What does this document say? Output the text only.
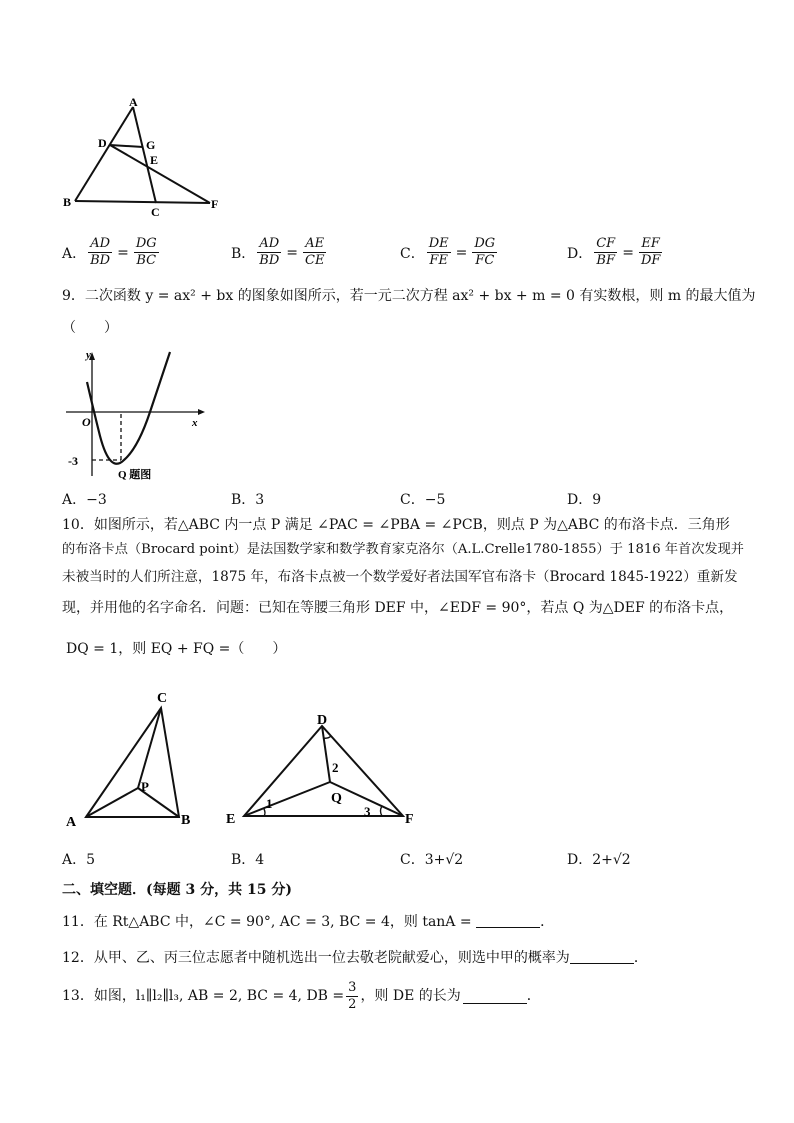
A
D	G
E
B
C
F
A． $\frac{AD}{BD} = \frac{DG}{BC}$	B． $\frac{AD}{BD} = \frac{AE}{CE}$	C． $\frac{DE}{FE} = \frac{DG}{FC}$	D． $\frac{CF}{BF} = \frac{EF}{DF}$
9．二次函数 y = ax² + bx 的图象如图所示，若一元二次方程 ax² + bx + m = 0 有实数根，则 m 的最大值为
（　　）
y
x
O
-3
Q 题图
A．−3	B．3	C．−5	D．9
10．如图所示，若△ABC 内一点 P 满足 ∠PAC = ∠PBA = ∠PCB，则点 P 为△ABC 的布洛卡点．三角形
的布洛卡点（Brocard point）是法国数学家和数学教育家克洛尔（A.L.Crelle1780-1855）于 1816 年首次发现并
未被当时的人们所注意，1875 年，布洛卡点被一个数学爱好者法国军官布洛卡（Brocard 1845-1922）重新发
现，并用他的名字命名．问题：已知在等腰三角形 DEF 中，∠EDF = 90°，若点 Q 为△DEF 的布洛卡点，
DQ = 1，则 EQ + FQ =（　　）
C
P
A	B
D
E	F
Q
1
2
3
A．5	B．4	C．3+√2	D．2+√2
二、填空题．(每题 3 分，共 15 分)
11．在 Rt△ABC 中，∠C = 90°, AC = 3, BC = 4，则 tanA =	．
12．从甲、乙、丙三位志愿者中随机选出一位去敬老院献爱心，则选中甲的概率为	．
13．如图，l₁∥l₂∥l₃, AB = 2, BC = 4, DB = $\frac{3}{2}$ ，则 DE 的长为	．
